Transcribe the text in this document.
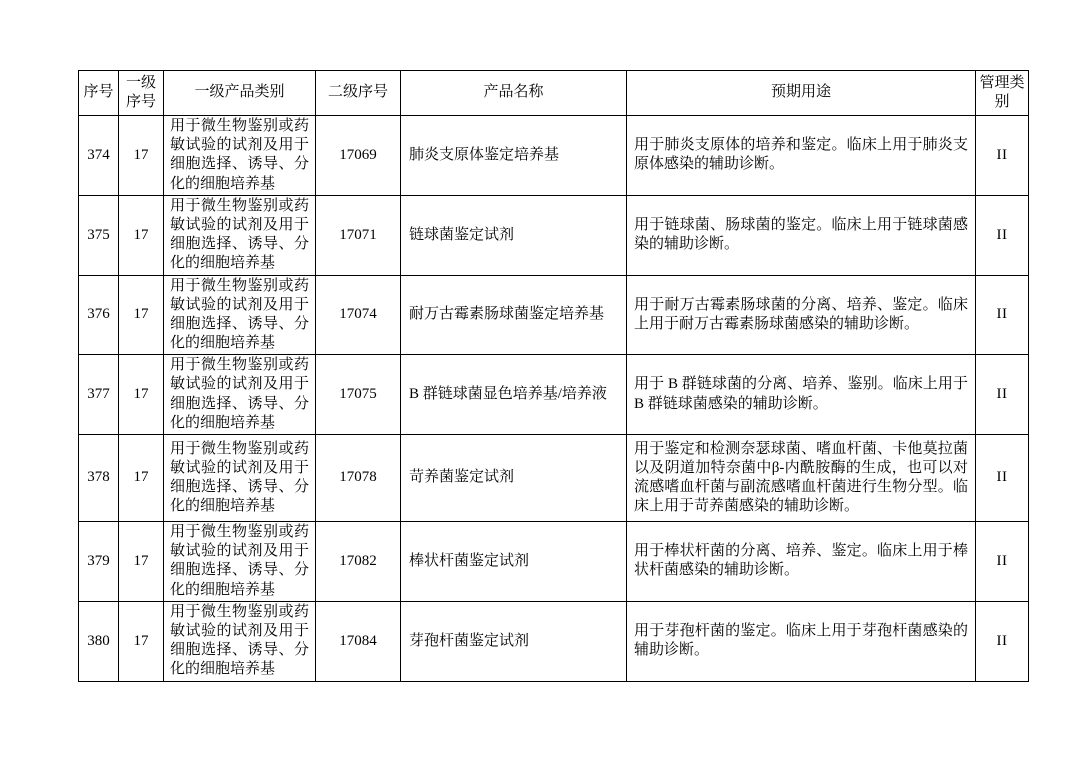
序号	一级序号	一级产品类别	二级序号	产品名称	预期用途	管理类别
374	17	用于微生物鉴别或药敏试验的试剂及用于细胞选择、诱导、分化的细胞培养基	17069	肺炎支原体鉴定培养基	用于肺炎支原体的培养和鉴定。临床上用于肺炎支原体感染的辅助诊断。	II
375	17	用于微生物鉴别或药敏试验的试剂及用于细胞选择、诱导、分化的细胞培养基	17071	链球菌鉴定试剂	用于链球菌、肠球菌的鉴定。临床上用于链球菌感染的辅助诊断。	II
376	17	用于微生物鉴别或药敏试验的试剂及用于细胞选择、诱导、分化的细胞培养基	17074	耐万古霉素肠球菌鉴定培养基	用于耐万古霉素肠球菌的分离、培养、鉴定。临床上用于耐万古霉素肠球菌感染的辅助诊断。	II
377	17	用于微生物鉴别或药敏试验的试剂及用于细胞选择、诱导、分化的细胞培养基	17075	B 群链球菌显色培养基/培养液	用于 B 群链球菌的分离、培养、鉴别。临床上用于 B 群链球菌感染的辅助诊断。	II
378	17	用于微生物鉴别或药敏试验的试剂及用于细胞选择、诱导、分化的细胞培养基	17078	苛养菌鉴定试剂	用于鉴定和检测奈瑟球菌、嗜血杆菌、卡他莫拉菌以及阴道加特奈菌中β-内酰胺酶的生成，也可以对流感嗜血杆菌与副流感嗜血杆菌进行生物分型。临床上用于苛养菌感染的辅助诊断。	II
379	17	用于微生物鉴别或药敏试验的试剂及用于细胞选择、诱导、分化的细胞培养基	17082	棒状杆菌鉴定试剂	用于棒状杆菌的分离、培养、鉴定。临床上用于棒状杆菌感染的辅助诊断。	II
380	17	用于微生物鉴别或药敏试验的试剂及用于细胞选择、诱导、分化的细胞培养基	17084	芽孢杆菌鉴定试剂	用于芽孢杆菌的鉴定。临床上用于芽孢杆菌感染的辅助诊断。	II
